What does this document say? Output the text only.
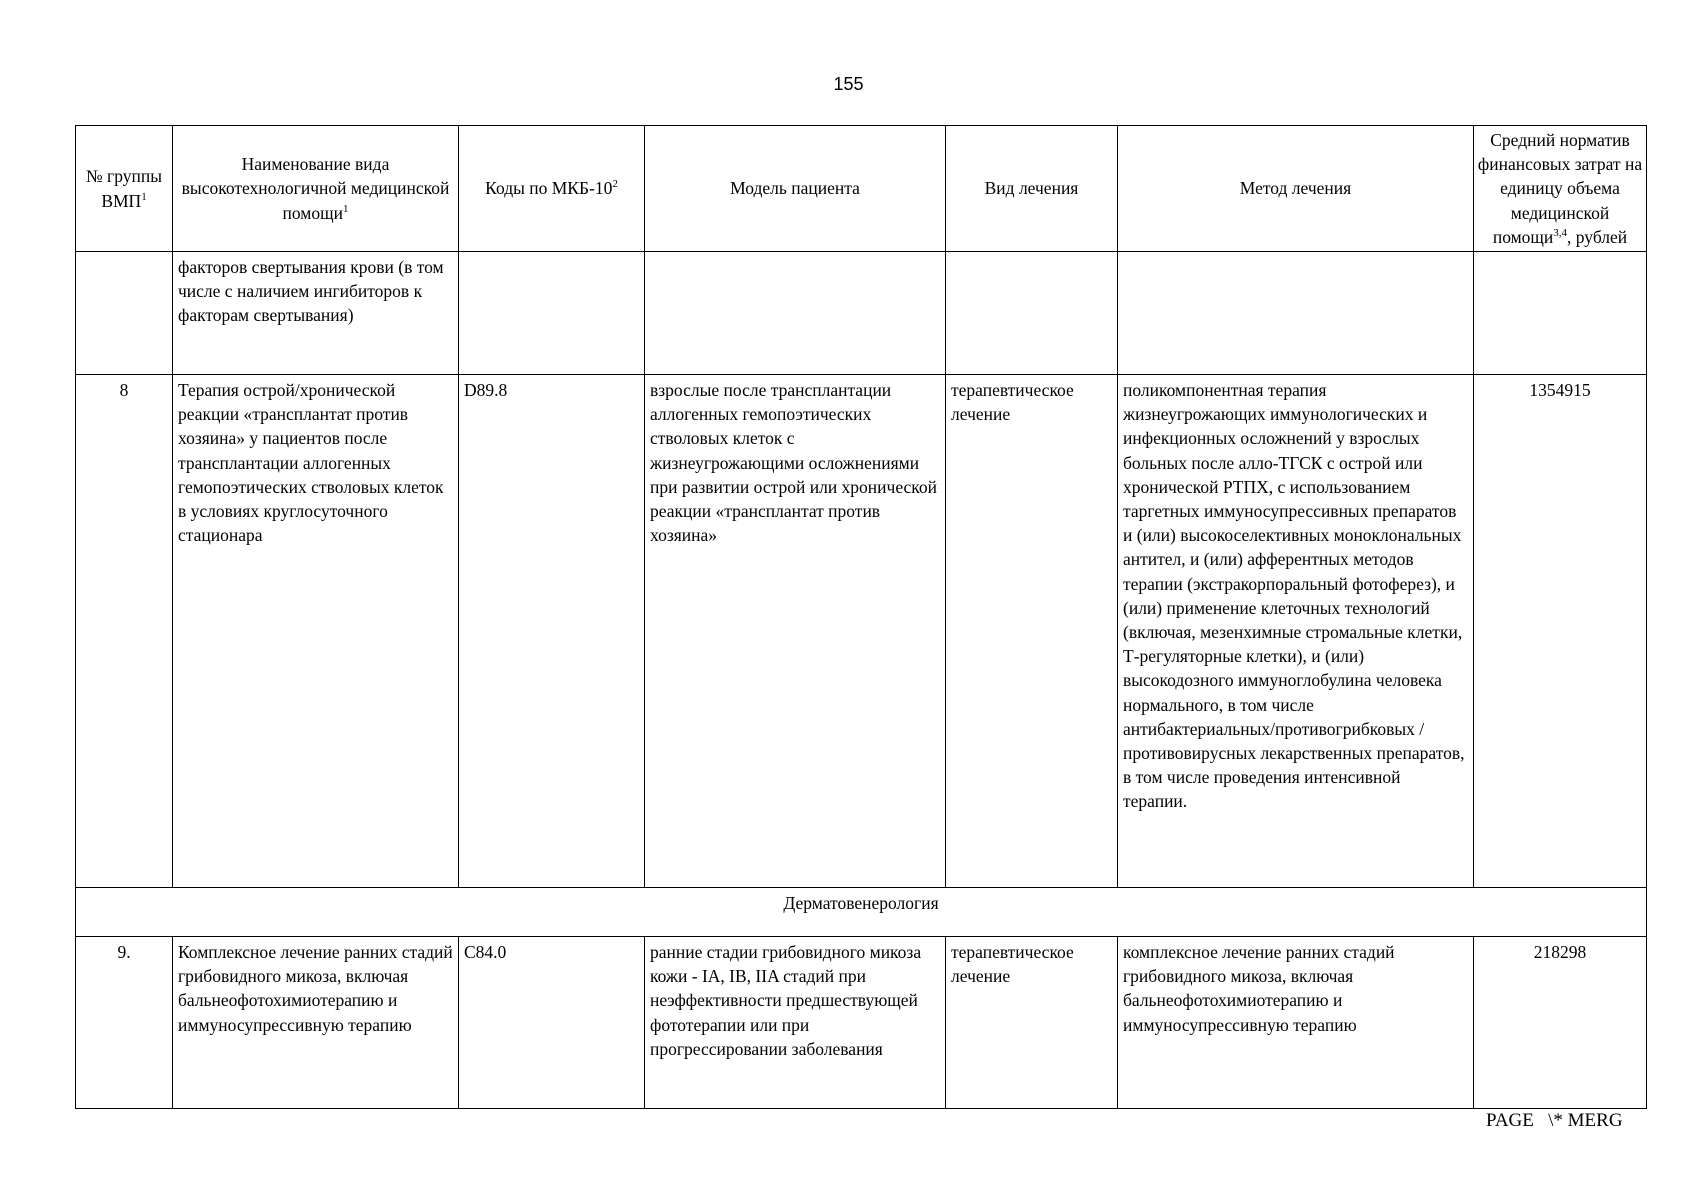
155
№ группы ВМП$^1$	Наименование вида высокотехнологичной медицинской помощи$^1$	Коды по МКБ-$10^2$	Модель пациента	Вид лечения	Метод лечения	Средний норматив финансовых затрат на единицу объема медицинской помощи$^{3,4}$, рублей
	факторов свертывания крови (в том числе с наличием ингибиторов к факторам свертывания)					
8	Терапия острой/хронической реакции «трансплантат против хозяина» у пациентов после трансплантации аллогенных гемопоэтических стволовых клеток в условиях круглосуточного стационара	D89.8	взрослые после трансплантации аллогенных гемопоэтических стволовых клеток с жизнеугрожающими осложнениями при развитии острой или хронической реакции «трансплантат против хозяина»	терапевтическое лечение	поликомпонентная терапия жизнеугрожающих иммунологических и инфекционных осложнений у взрослых больных после алло-ТГСК с острой или хронической РТПХ, с использованием таргетных иммуносупрессивных препаратов и (или) высокоселективных моноклональных антител, и (или) афферентных методов терапии (экстракорпоральный фотоферез), и (или) применение клеточных технологий (включая, мезенхимные стромальные клетки, Т-регуляторные клетки), и (или) высокодозного иммуноглобулина человека нормального, в том числе антибактериальных/противогрибковых /противовирусных лекарственных препаратов, в том числе проведения интенсивной терапии.	1354915
Дерматовенерология						
9.	Комплексное лечение ранних стадий грибовидного микоза, включая бальнеофотохимиотерапию и иммуносупрессивную терапию	C84.0	ранние стадии грибовидного микоза кожи - IA, IB, IIA стадий при неэффективности предшествующей фототерапии или при прогрессировании заболевания	терапевтическое лечение	комплексное лечение ранних стадий грибовидного микоза, включая бальнеофотохимиотерапию и иммуносупрессивную терапию	218298
PAGE   \* MERG
